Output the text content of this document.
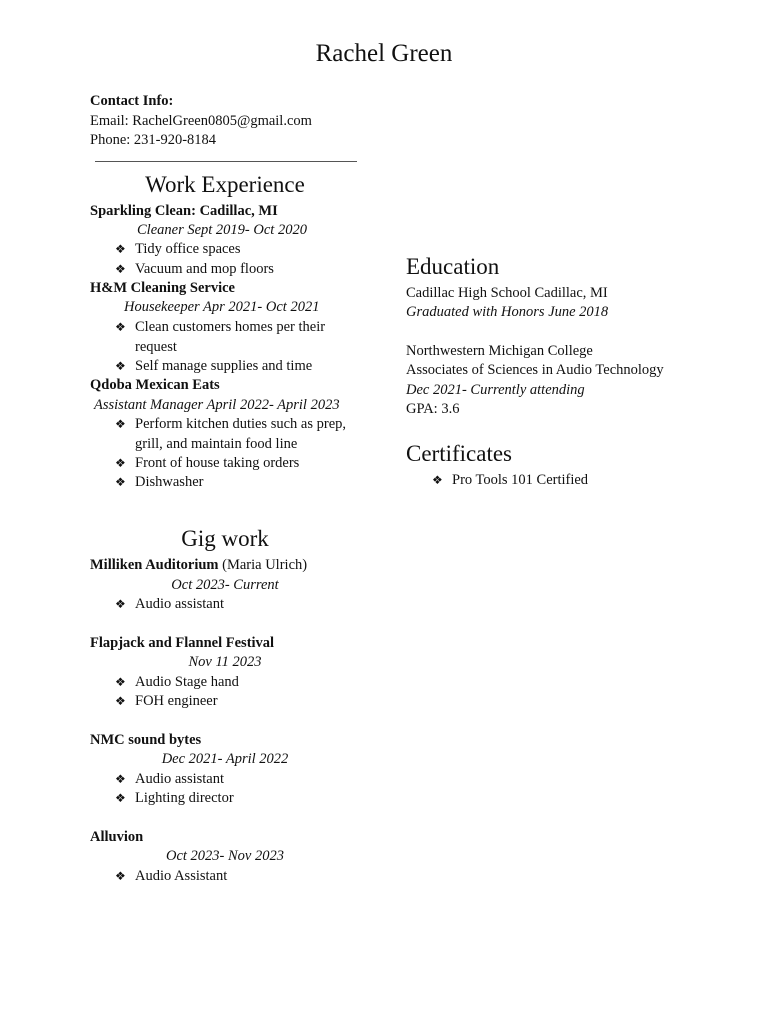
Rachel Green
Contact Info:
Email: RachelGreen0805@gmail.com
Phone: 231-920-8184
Work Experience
Sparkling Clean: Cadillac, MI
Cleaner Sept 2019- Oct 2020
❖ Tidy office spaces
❖ Vacuum and mop floors
H&M Cleaning Service
Housekeeper Apr 2021- Oct 2021
❖ Clean customers homes per their request
❖ Self manage supplies and time
Qdoba Mexican Eats
Assistant Manager April 2022- April 2023
❖ Perform kitchen duties such as prep, grill, and maintain food line
❖ Front of house taking orders
❖ Dishwasher
Gig work
Milliken Auditorium (Maria Ulrich)
Oct 2023- Current
❖ Audio assistant
Flapjack and Flannel Festival
Nov 11 2023
❖ Audio Stage hand
❖ FOH engineer
NMC sound bytes
Dec 2021- April 2022
❖ Audio assistant
❖ Lighting director
Alluvion
Oct 2023- Nov 2023
❖ Audio Assistant
Education
Cadillac High School Cadillac, MI
Graduated with Honors June 2018
Northwestern Michigan College
Associates of Sciences in Audio Technology
Dec 2021- Currently attending
GPA: 3.6
Certificates
❖ Pro Tools 101 Certified
